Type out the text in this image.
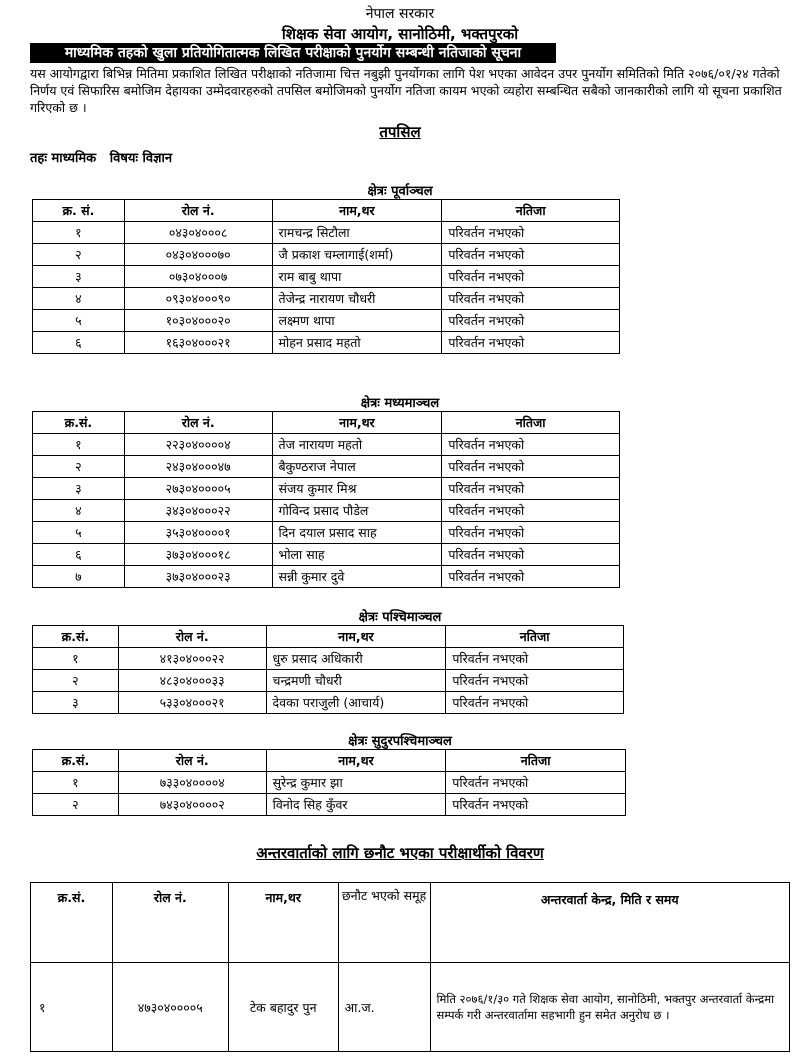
नेपाल सरकार
शिक्षक सेवा आयोग, सानोठिमी, भक्तपुरको
माध्यमिक तहको खुला प्रतियोगितात्मक लिखित परीक्षाको पुनर्योग सम्बन्धी नतिजाको सूचना
यस आयोगद्वारा बिभिन्न मितिमा प्रकाशित लिखित परीक्षाको नतिजामा चित्त नबुझी पुनर्योगका लागि पेश भएका आवेदन उपर पुनर्योग समितिको मिति २०७६/०१/२४ गतेको निर्णय एवं सिफारिस बमोजिम देहायका उम्मेदवारहरुको तपसिल बमोजिमको पुनर्योग नतिजा कायम भएको व्यहोरा सम्बन्धित सबैको जानकारीको लागि यो सूचना प्रकाशित गरिएको छ ।
तपसिल
तहः माध्यमिक   विषयः विज्ञान
क्षेत्रः पूर्वाञ्चल
क्र. सं.	रोल नं.	नाम,थर	नतिजा
१	०४३०४०००८	रामचन्द्र सिटौला	परिवर्तन नभएको
२	०४३०४०००७०	जै प्रकाश चम्लागाई(शर्मा)	परिवर्तन नभएको
३	०७३०४०००७	राम बाबु थापा	परिवर्तन नभएको
४	०९३०४०००९०	तेजेन्द्र नारायण चौधरी	परिवर्तन नभएको
५	१०३०४०००२०	लक्ष्मण थापा	परिवर्तन नभएको
६	१६३०४०००२१	मोहन प्रसाद महतो	परिवर्तन नभएको
क्षेत्रः मध्यमाञ्चल
क्र.सं.	रोल नं.	नाम,थर	नतिजा
१	२२३०४००००४	तेज नारायण महतो	परिवर्तन नभएको
२	२४३०४०००४७	बैकुण्ठराज नेपाल	परिवर्तन नभएको
३	२७३०४००००५	संजय कुमार मिश्र	परिवर्तन नभएको
४	३४३०४०००२२	गोविन्द प्रसाद पौडेल	परिवर्तन नभएको
५	३५३०४००००१	दिन दयाल प्रसाद साह	परिवर्तन नभएको
६	३७३०४०००१८	भोला साह	परिवर्तन नभएको
७	३७३०४०००२३	सन्नी कुमार दुवे	परिवर्तन नभएको
क्षेत्रः पश्चिमाञ्चल
क्र.सं.	रोल नं.	नाम,थर	नतिजा
१	४१३०४०००२२	धुरु प्रसाद अधिकारी	परिवर्तन नभएको
२	४८३०४०००३३	चन्द्रमणी चौधरी	परिवर्तन नभएको
३	५३३०४०००२१	देवका पराजुली (आचार्य)	परिवर्तन नभएको
क्षेत्रः सुदुरपश्चिमाञ्चल
क्र.सं.	रोल नं.	नाम,थर	नतिजा
१	७३३०४००००४	सुरेन्द्र कुमार झा	परिवर्तन नभएको
२	७४३०४००००२	विनोद सिह कुँवर	परिवर्तन नभएको
अन्तरवार्ताको लागि छनौट भएका परीक्षार्थीको विवरण
क्र.सं.	रोल नं.	नाम,थर	छनौट भएको समूह	अन्तरवार्ता केन्द्र, मिति र समय
१	४७३०४००००५	टेक बहादुर पुन	आ.ज.	मिति २०७६/१/३० गते शिक्षक सेवा आयोग, सानोठिमी, भक्तपुर अन्तरवार्ता केन्द्रमा सम्पर्क गरी अन्तरवार्तामा सहभागी हुन समेत अनुरोध छ ।
